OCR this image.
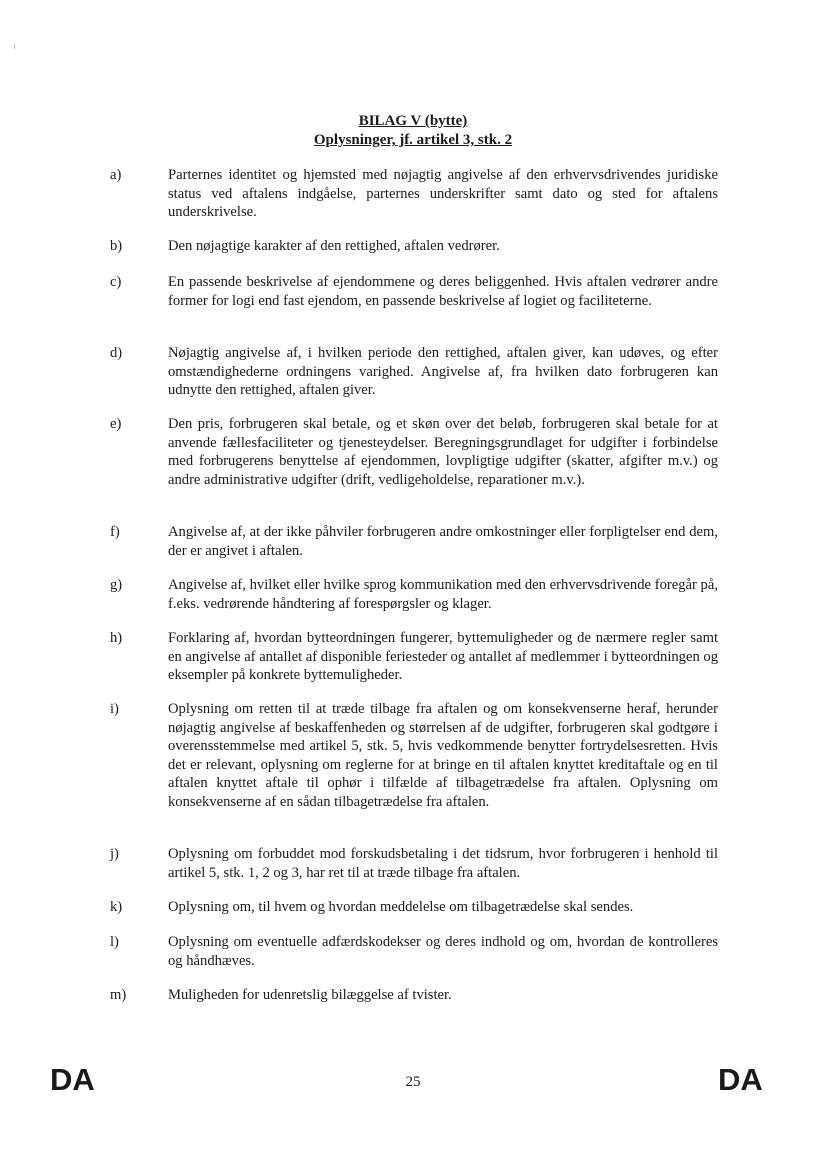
BILAG V (bytte)
Oplysninger, jf. artikel 3, stk. 2
a)	Parternes identitet og hjemsted med nøjagtig angivelse af den erhvervsdrivendes juridiske status ved aftalens indgåelse, parternes underskrifter samt dato og sted for aftalens underskrivelse.
b)	Den nøjagtige karakter af den rettighed, aftalen vedrører.
c)	En passende beskrivelse af ejendommene og deres beliggenhed. Hvis aftalen vedrører andre former for logi end fast ejendom, en passende beskrivelse af logiet og faciliteterne.
d)	Nøjagtig angivelse af, i hvilken periode den rettighed, aftalen giver, kan udøves, og efter omstændighederne ordningens varighed. Angivelse af, fra hvilken dato forbrugeren kan udnytte den rettighed, aftalen giver.
e)	Den pris, forbrugeren skal betale, og et skøn over det beløb, forbrugeren skal betale for at anvende fællesfaciliteter og tjenesteydelser. Beregningsgrundlaget for udgifter i forbindelse med forbrugerens benyttelse af ejendommen, lovpligtige udgifter (skatter, afgifter m.v.) og andre administrative udgifter (drift, vedligeholdelse, reparationer m.v.).
f)	Angivelse af, at der ikke påhviler forbrugeren andre omkostninger eller forpligtelser end dem, der er angivet i aftalen.
g)	Angivelse af, hvilket eller hvilke sprog kommunikation med den erhvervsdrivende foregår på, f.eks. vedrørende håndtering af forespørgsler og klager.
h)	Forklaring af, hvordan bytteordningen fungerer, byttemuligheder og de nærmere regler samt en angivelse af antallet af disponible feriesteder og antallet af medlemmer i bytteordningen og eksempler på konkrete byttemuligheder.
i)	Oplysning om retten til at træde tilbage fra aftalen og om konsekvenserne heraf, herunder nøjagtig angivelse af beskaffenheden og størrelsen af de udgifter, forbrugeren skal godtgøre i overensstemmelse med artikel 5, stk. 5, hvis vedkommende benytter fortrydelsesretten. Hvis det er relevant, oplysning om reglerne for at bringe en til aftalen knyttet kreditaftale og en til aftalen knyttet aftale til ophør i tilfælde af tilbagetrædelse fra aftalen. Oplysning om konsekvenserne af en sådan tilbagetrædelse fra aftalen.
j)	Oplysning om forbuddet mod forskudsbetaling i det tidsrum, hvor forbrugeren i henhold til artikel 5, stk. 1, 2 og 3, har ret til at træde tilbage fra aftalen.
k)	Oplysning om, til hvem og hvordan meddelelse om tilbagetrædelse skal sendes.
l)	Oplysning om eventuelle adfærdskodekser og deres indhold og om, hvordan de kontrolleres og håndhæves.
m)	Muligheden for udenretslig bilæggelse af tvister.
DA	25	DA
